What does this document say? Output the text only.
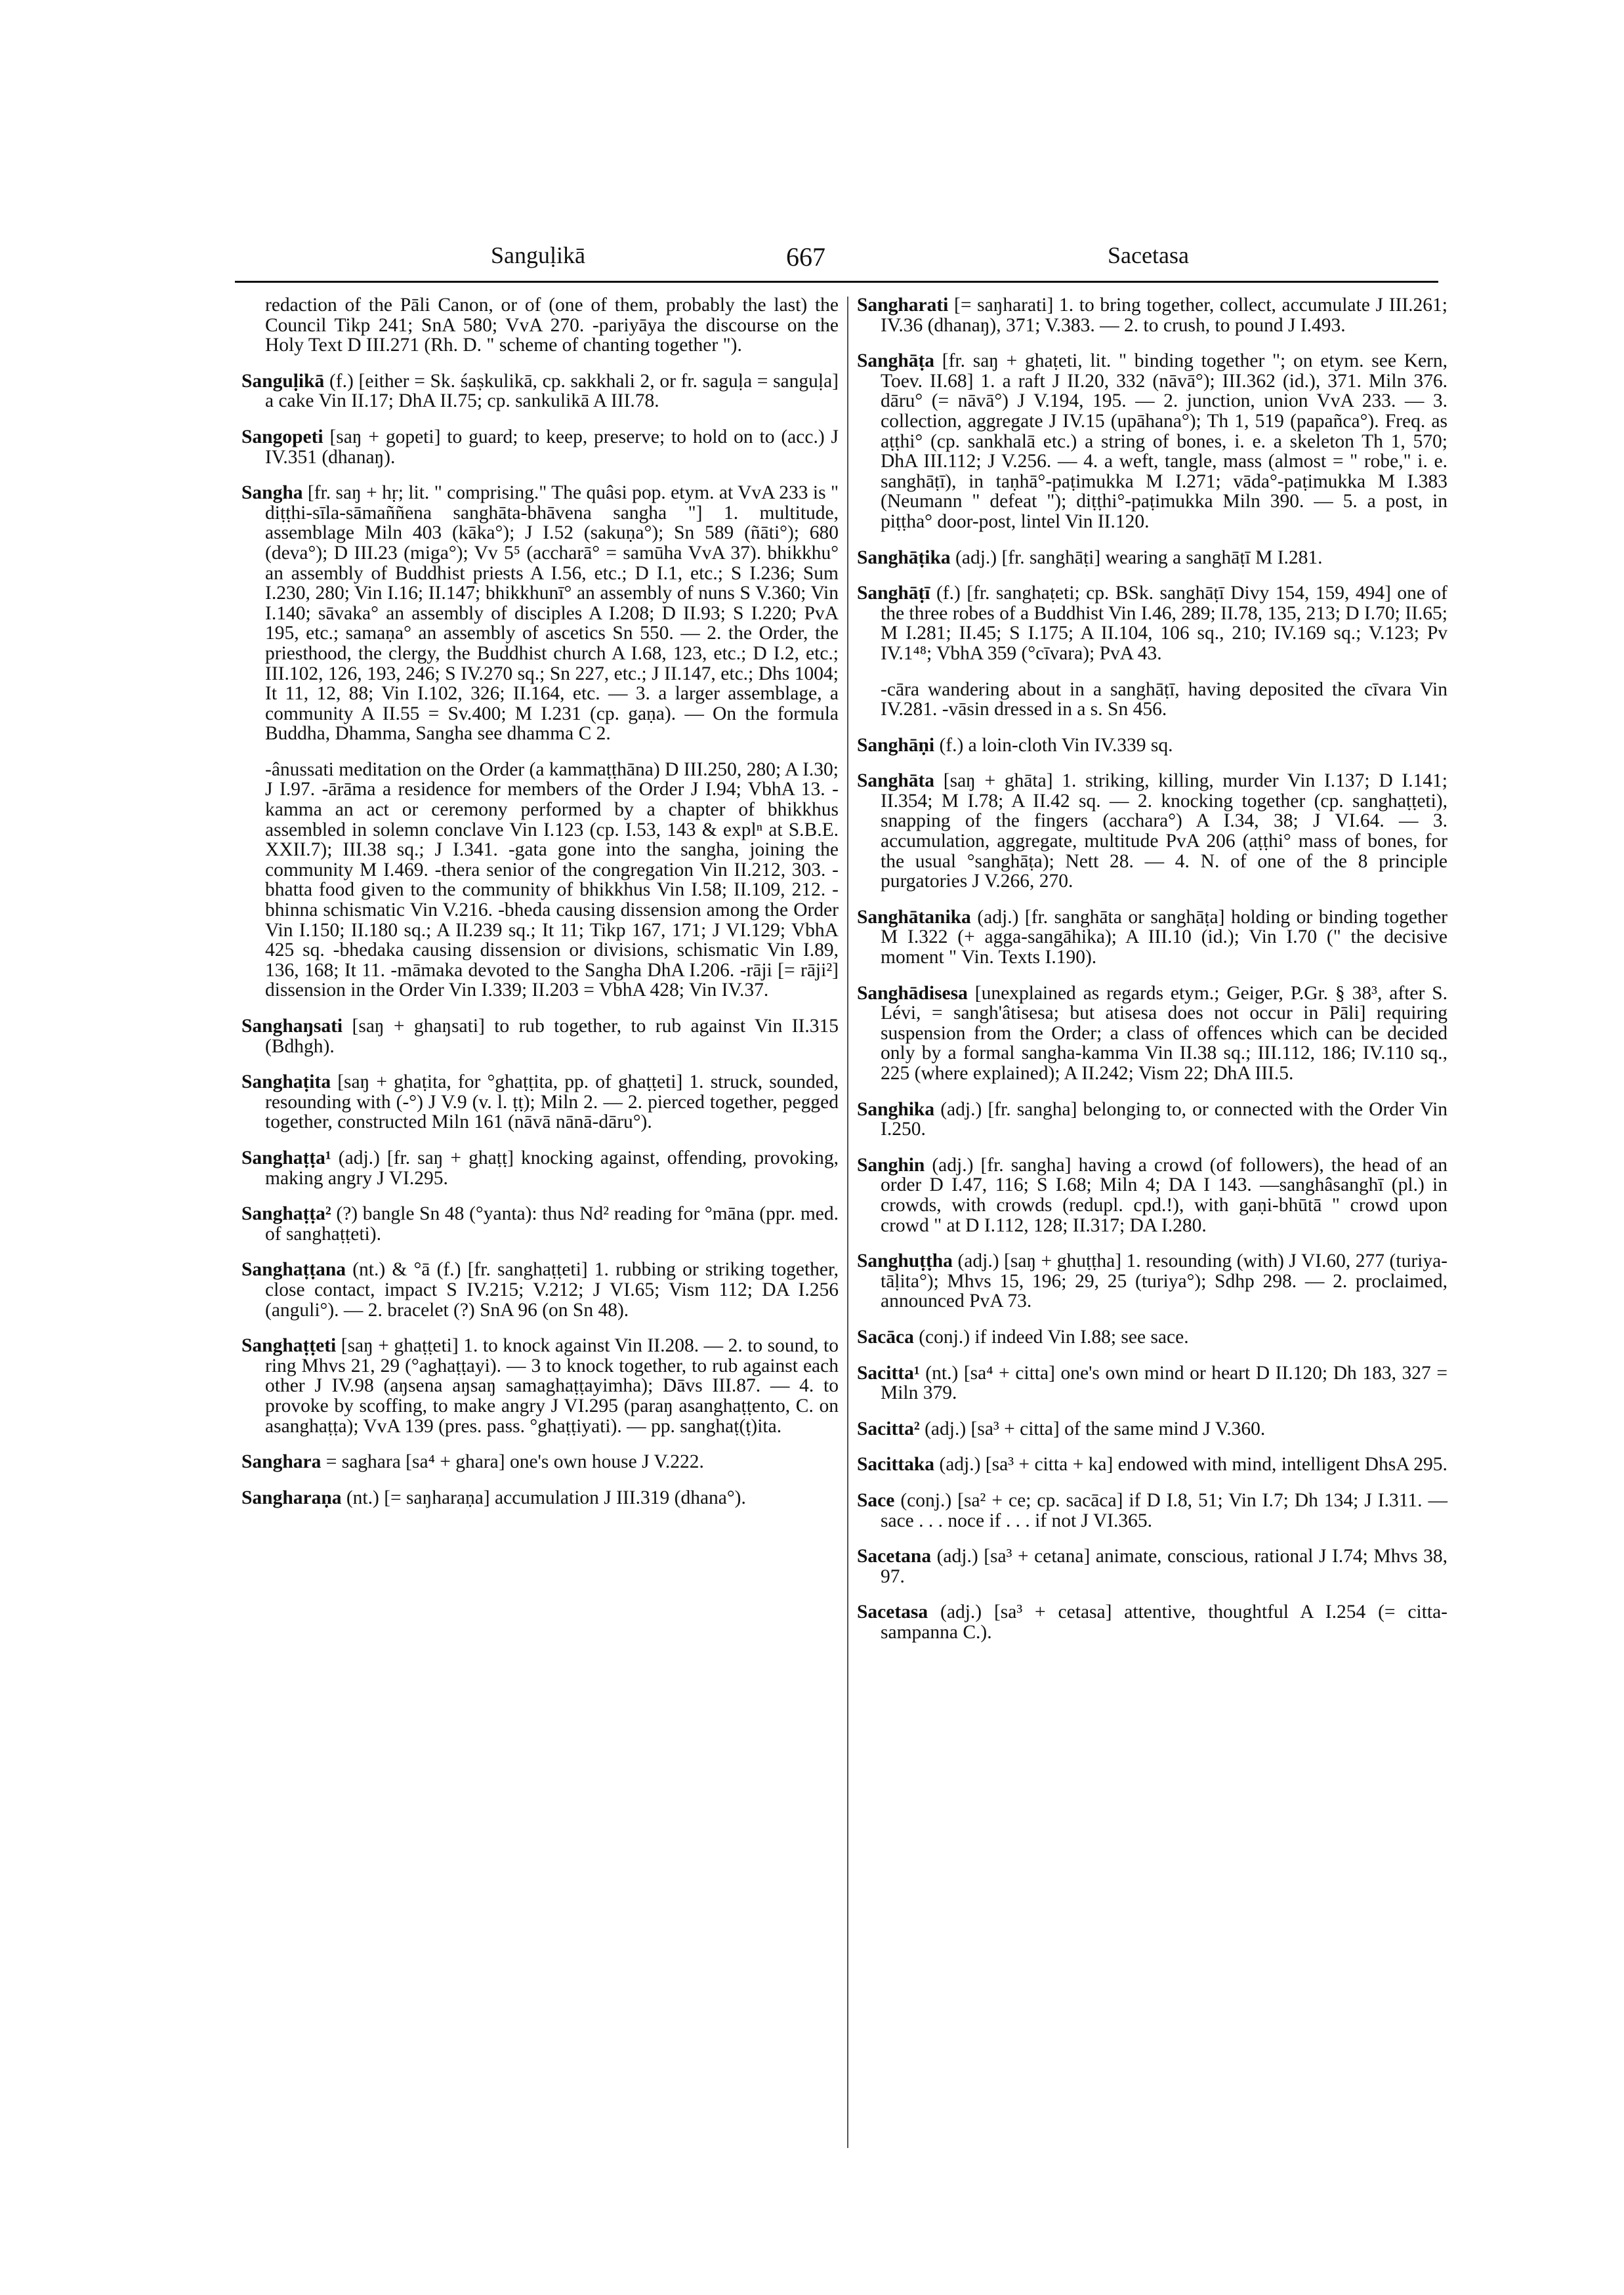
Sanguḷikā	667	Sacetasa

redaction of the Pāli Canon, or of (one of them, probably the last) the Council Tikp 241; SnA 580; VvA 270. -pariyāya the discourse on the Holy Text D III.271 (Rh. D. " scheme of chanting together ").

Sanguḷikā (f.) [either = Sk. śaṣkulikā, cp. sakkhali 2, or fr. saguḷa = sanguḷa] a cake Vin II.17; DhA II.75; cp. sankulikā A III.78.

Sangopeti [saŋ + gopeti] to guard; to keep, preserve; to hold on to (acc.) J IV.351 (dhanaŋ).

Sangha [fr. saŋ + hṛ; lit. " comprising." The quâsi pop. etym. at VvA 233 is " diṭṭhi-sīla-sāmaññena sanghāta-bhāvena sangha "] 1. multitude, assemblage Miln 403 (kāka°); J I.52 (sakuṇa°); Sn 589 (ñāti°); 680 (deva°); D III.23 (miga°); Vv 5⁵ (accharā° = samūha VvA 37). bhikkhu° an assembly of Buddhist priests A I.56, etc.; D I.1, etc.; S I.236; Sum I.230, 280; Vin I.16; II.147; bhikkhunī° an assembly of nuns S V.360; Vin I.140; sāvaka° an assembly of disciples A I.208; D II.93; S I.220; PvA 195, etc.; samaṇa° an assembly of ascetics Sn 550. — 2. the Order, the priesthood, the clergy, the Buddhist church A I.68, 123, etc.; D I.2, etc.; III.102, 126, 193, 246; S IV.270 sq.; Sn 227, etc.; J II.147, etc.; Dhs 1004; It 11, 12, 88; Vin I.102, 326; II.164, etc. — 3. a larger assemblage, a community A II.55 = Sv.400; M I.231 (cp. gaṇa). — On the formula Buddha, Dhamma, Sangha see dhamma C 2.

-ânussati meditation on the Order (a kammaṭṭhāna) D III.250, 280; A I.30; J I.97. -ārāma a residence for members of the Order J I.94; VbhA 13. -kamma an act or ceremony performed by a chapter of bhikkhus assembled in solemn conclave Vin I.123 (cp. I.53, 143 & explⁿ at S.B.E. XXII.7); III.38 sq.; J I.341. -gata gone into the sangha, joining the community M I.469. -thera senior of the congregation Vin II.212, 303. -bhatta food given to the community of bhikkhus Vin I.58; II.109, 212. -bhinna schismatic Vin V.216. -bheda causing dissension among the Order Vin I.150; II.180 sq.; A II.239 sq.; It 11; Tikp 167, 171; J VI.129; VbhA 425 sq. -bhedaka causing dissension or divisions, schismatic Vin I.89, 136, 168; It 11. -māmaka devoted to the Sangha DhA I.206. -rāji [= rāji²] dissension in the Order Vin I.339; II.203 = VbhA 428; Vin IV.37.

Sanghaŋsati [saŋ + ghaŋsati] to rub together, to rub against Vin II.315 (Bdhgh).

Sanghaṭita [saŋ + ghaṭita, for °ghaṭṭita, pp. of ghaṭṭeti] 1. struck, sounded, resounding with (-°) J V.9 (v. l. ṭṭ); Miln 2. — 2. pierced together, pegged together, constructed Miln 161 (nāvā nānā-dāru°).

Sanghaṭṭa¹ (adj.) [fr. saŋ + ghaṭṭ] knocking against, offending, provoking, making angry J VI.295.

Sanghaṭṭa² (?) bangle Sn 48 (°yanta): thus Nd² reading for °māna (ppr. med. of sanghaṭṭeti).

Sanghaṭṭana (nt.) & °ā (f.) [fr. sanghaṭṭeti] 1. rubbing or striking together, close contact, impact S IV.215; V.212; J VI.65; Vism 112; DA I.256 (anguli°). — 2. bracelet (?) SnA 96 (on Sn 48).

Sanghaṭṭeti [saŋ + ghaṭṭeti] 1. to knock against Vin II.208. — 2. to sound, to ring Mhvs 21, 29 (°aghaṭṭayi). — 3 to knock together, to rub against each other J IV.98 (aŋsena aŋsaŋ samaghaṭṭayimha); Dāvs III.87. — 4. to provoke by scoffing, to make angry J VI.295 (paraŋ asanghaṭṭento, C. on asanghaṭṭa); VvA 139 (pres. pass. °ghaṭṭiyati). — pp. sanghaṭ(ṭ)ita.

Sanghara = saghara [sa⁴ + ghara] one's own house J V.222.

Sangharaṇa (nt.) [= saŋharaṇa] accumulation J III.319 (dhana°).

Sangharati [= saŋharati] 1. to bring together, collect, accumulate J III.261; IV.36 (dhanaŋ), 371; V.383. — 2. to crush, to pound J I.493.

Sanghāṭa [fr. saŋ + ghaṭeti, lit. " binding together "; on etym. see Kern, Toev. II.68] 1. a raft J II.20, 332 (nāvā°); III.362 (id.), 371. Miln 376. dāru° (= nāvā°) J V.194, 195. — 2. junction, union VvA 233. — 3. collection, aggregate J IV.15 (upāhana°); Th 1, 519 (papañca°). Freq. as aṭṭhi° (cp. sankhalā etc.) a string of bones, i. e. a skeleton Th 1, 570; DhA III.112; J V.256. — 4. a weft, tangle, mass (almost = " robe," i. e. sanghāṭī), in taṇhā°-paṭimukka M I.271; vāda°-paṭimukka M I.383 (Neumann " defeat "); diṭṭhi°-paṭimukka Miln 390. — 5. a post, in piṭṭha° door-post, lintel Vin II.120.

Sanghāṭika (adj.) [fr. sanghāṭi] wearing a sanghāṭī M I.281.

Sanghāṭī (f.) [fr. sanghaṭeti; cp. BSk. sanghāṭī Divy 154, 159, 494] one of the three robes of a Buddhist Vin I.46, 289; II.78, 135, 213; D I.70; II.65; M I.281; II.45; S I.175; A II.104, 106 sq., 210; IV.169 sq.; V.123; Pv IV.1⁴⁸; VbhA 359 (°cīvara); PvA 43.

-cāra wandering about in a sanghāṭī, having deposited the cīvara Vin IV.281. -vāsin dressed in a s. Sn 456.

Sanghāṇi (f.) a loin-cloth Vin IV.339 sq.

Sanghāta [saŋ + ghāta] 1. striking, killing, murder Vin I.137; D I.141; II.354; M I.78; A II.42 sq. — 2. knocking together (cp. sanghaṭṭeti), snapping of the fingers (acchara°) A I.34, 38; J VI.64. — 3. accumulation, aggregate, multitude PvA 206 (aṭṭhi° mass of bones, for the usual °sanghāṭa); Nett 28. — 4. N. of one of the 8 principle purgatories J V.266, 270.

Sanghātanika (adj.) [fr. sanghāta or sanghāṭa] holding or binding together M I.322 (+ agga-sangāhika); A III.10 (id.); Vin I.70 (" the decisive moment " Vin. Texts I.190).

Sanghādisesa [unexplained as regards etym.; Geiger, P.Gr. § 38³, after S. Lévi, = sangh'âtisesa; but atisesa does not occur in Pāli] requiring suspension from the Order; a class of offences which can be decided only by a formal sangha-kamma Vin II.38 sq.; III.112, 186; IV.110 sq., 225 (where explained); A II.242; Vism 22; DhA III.5.

Sanghika (adj.) [fr. sangha] belonging to, or connected with the Order Vin I.250.

Sanghin (adj.) [fr. sangha] having a crowd (of followers), the head of an order D I.47, 116; S I.68; Miln 4; DA I 143. —sanghâsanghī (pl.) in crowds, with crowds (redupl. cpd.!), with gaṇi-bhūtā " crowd upon crowd " at D I.112, 128; II.317; DA I.280.

Sanghuṭṭha (adj.) [saŋ + ghuṭṭha] 1. resounding (with) J VI.60, 277 (turiya-tāḷita°); Mhvs 15, 196; 29, 25 (turiya°); Sdhp 298. — 2. proclaimed, announced PvA 73.

Sacāca (conj.) if indeed Vin I.88; see sace.

Sacitta¹ (nt.) [sa⁴ + citta] one's own mind or heart D II.120; Dh 183, 327 = Miln 379.

Sacitta² (adj.) [sa³ + citta] of the same mind J V.360.

Sacittaka (adj.) [sa³ + citta + ka] endowed with mind, intelligent DhsA 295.

Sace (conj.) [sa² + ce; cp. sacāca] if D I.8, 51; Vin I.7; Dh 134; J I.311. — sace . . . noce if . . . if not J VI.365.

Sacetana (adj.) [sa³ + cetana] animate, conscious, rational J I.74; Mhvs 38, 97.

Sacetasa (adj.) [sa³ + cetasa] attentive, thoughtful A I.254 (= citta-sampanna C.).
